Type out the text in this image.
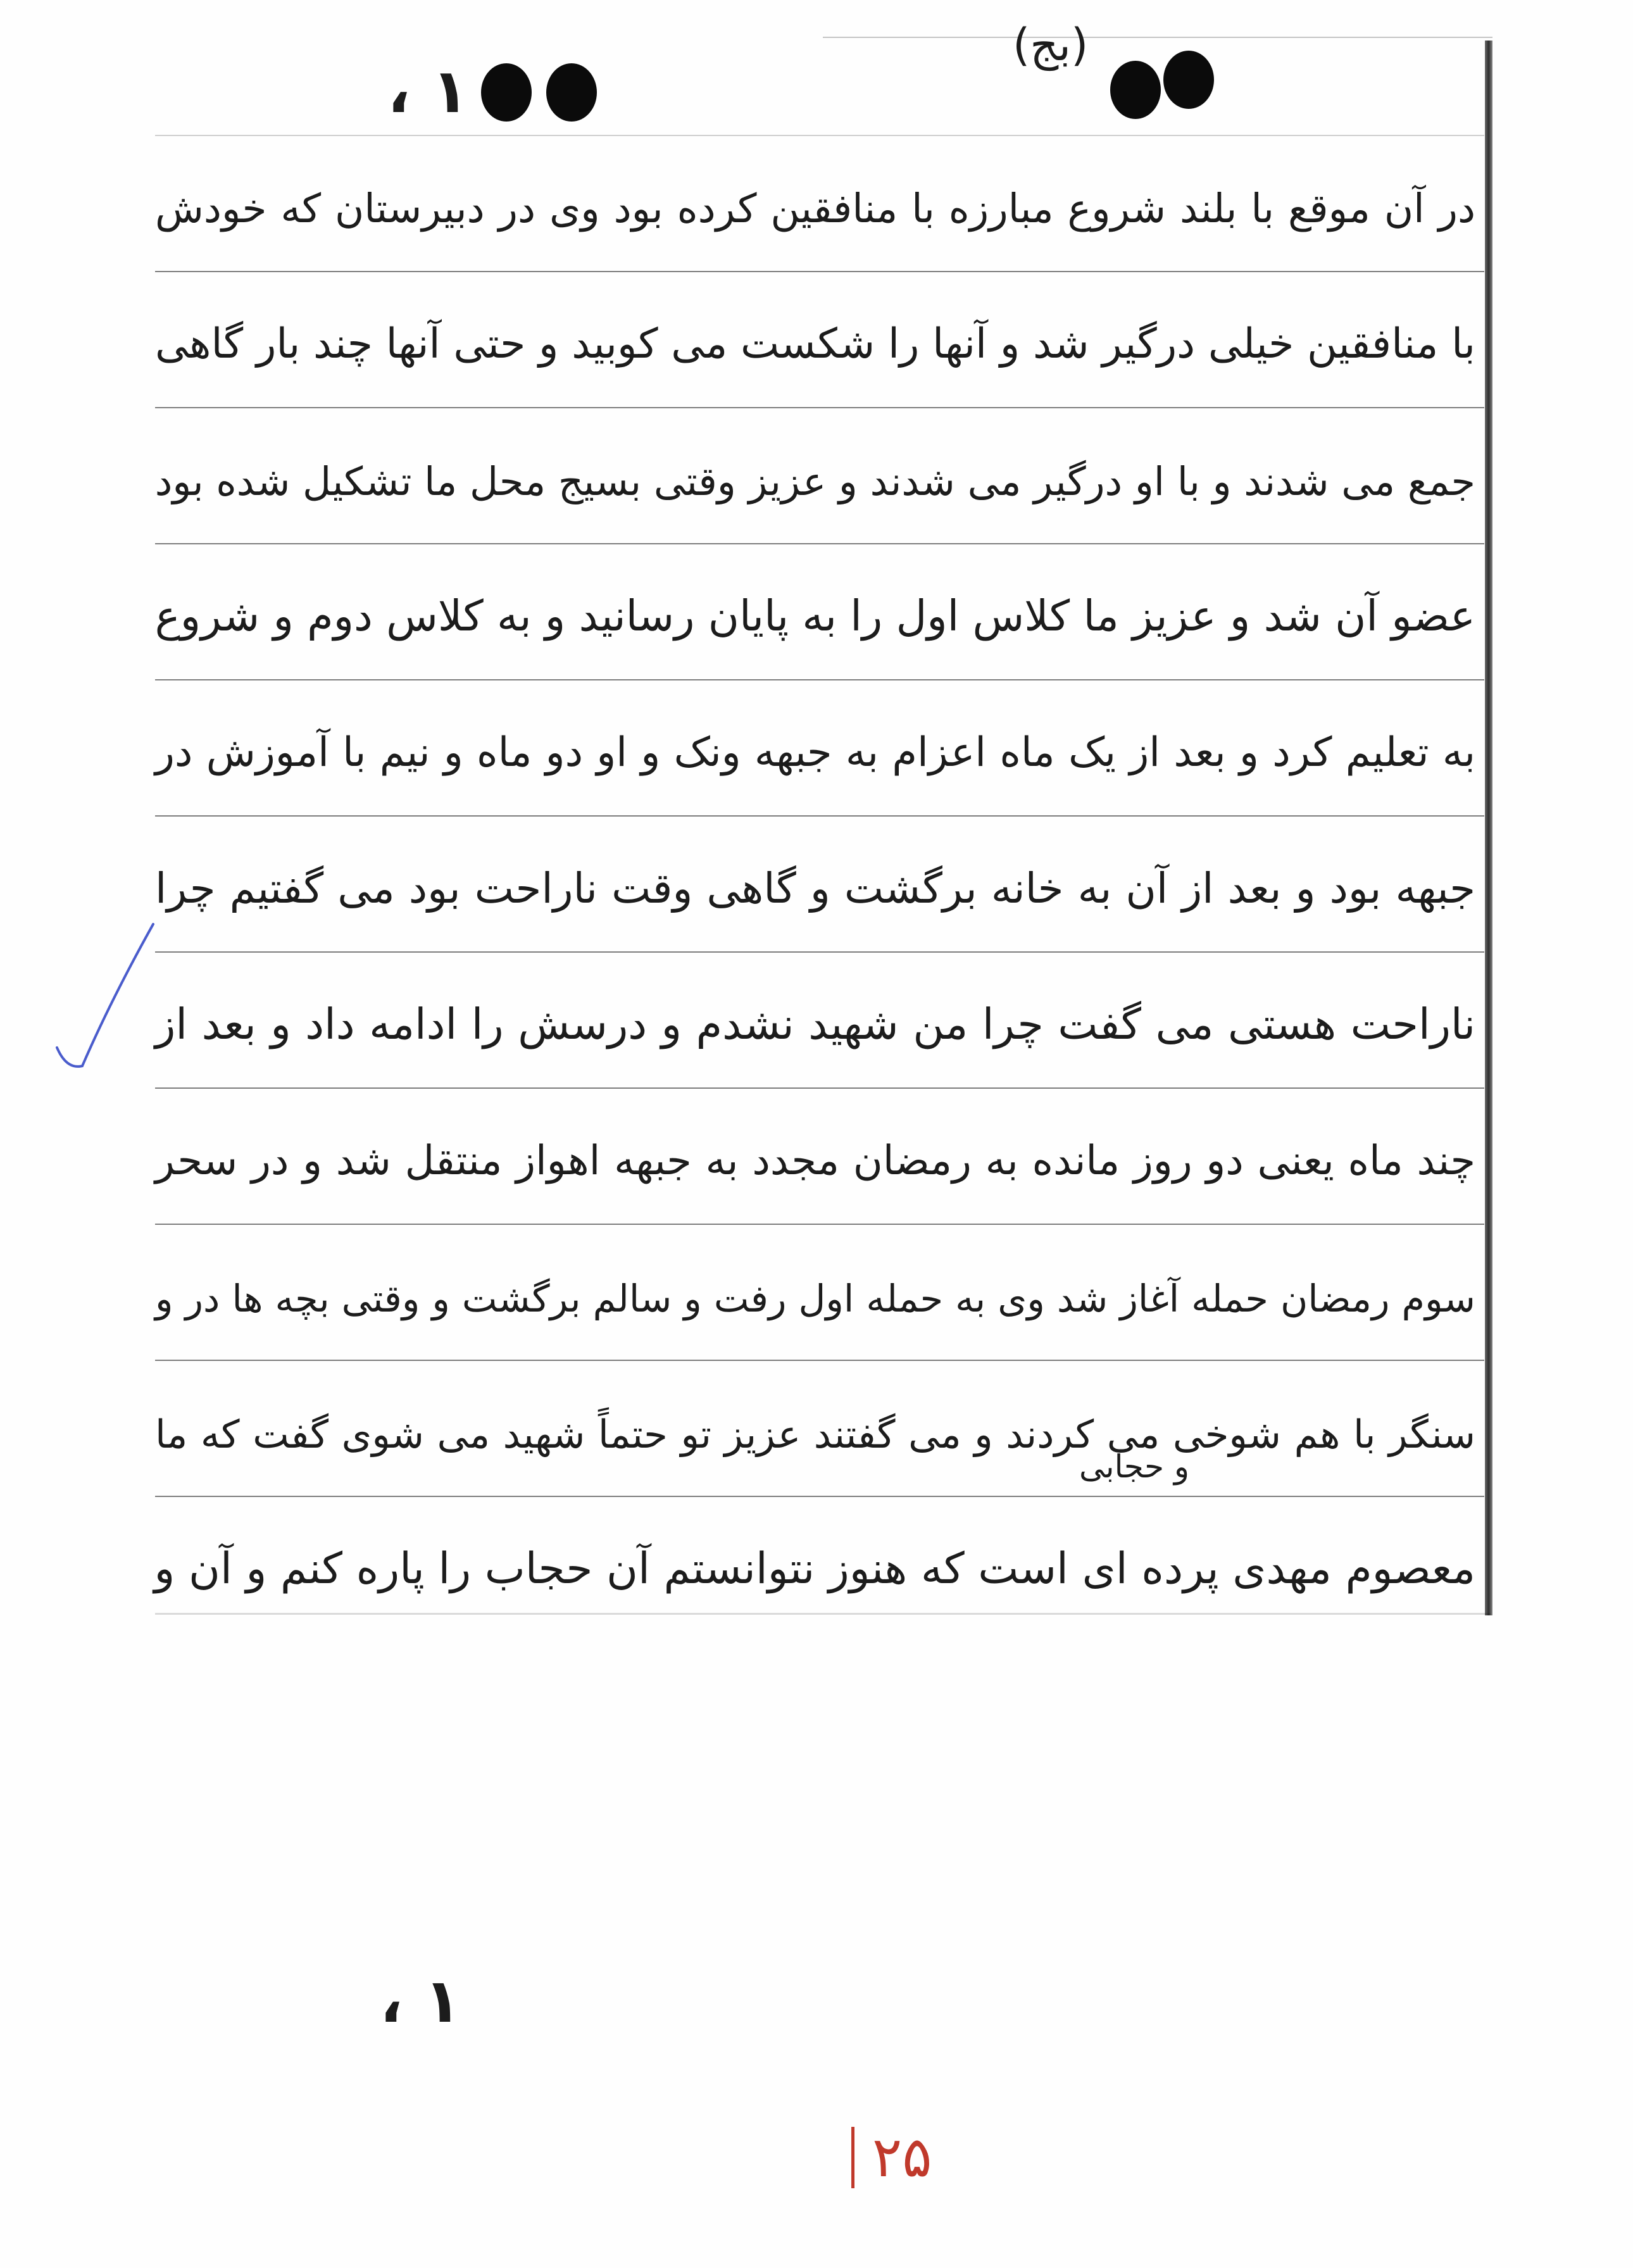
۱ ،
(بج)
در آن موقع با بلند شروع مبارزه با منافقین کرده بود وی در دبیرستان که خودش
با منافقین خیلی درگیر شد و آنها را شکست می کوبید و حتی آنها چند بار گاهی
جمع می شدند و با او درگیر می شدند و عزیز وقتی بسیج محل ما تشکیل شده بود
عضو آن شد و عزیز ما کلاس اول را به پایان رسانید و به کلاس دوم و شروع
به تعلیم کرد و بعد از یک ماه اعزام به جبهه ونک و او دو ماه و نیم با آموزش در
جبهه بود و بعد از آن به خانه برگشت و گاهی وقت ناراحت بود می گفتیم چرا
ناراحت هستی می گفت چرا من شهید نشدم و درسش را ادامه داد و بعد از
چند ماه یعنی دو روز مانده به رمضان مجدد به جبهه اهواز منتقل شد و در سحر
سوم رمضان حمله آغاز شد وی به حمله اول رفت و سالم برگشت و وقتی بچه ها در و
سنگر با هم شوخی می کردند و می گفتند عزیز تو حتماً شهید می شوی گفت که ما
معصوم مهدی پرده ای است که هنوز نتوانستم آن حجاب را پاره کنم و آن و
و حجابی
۱ ،
۲۵
